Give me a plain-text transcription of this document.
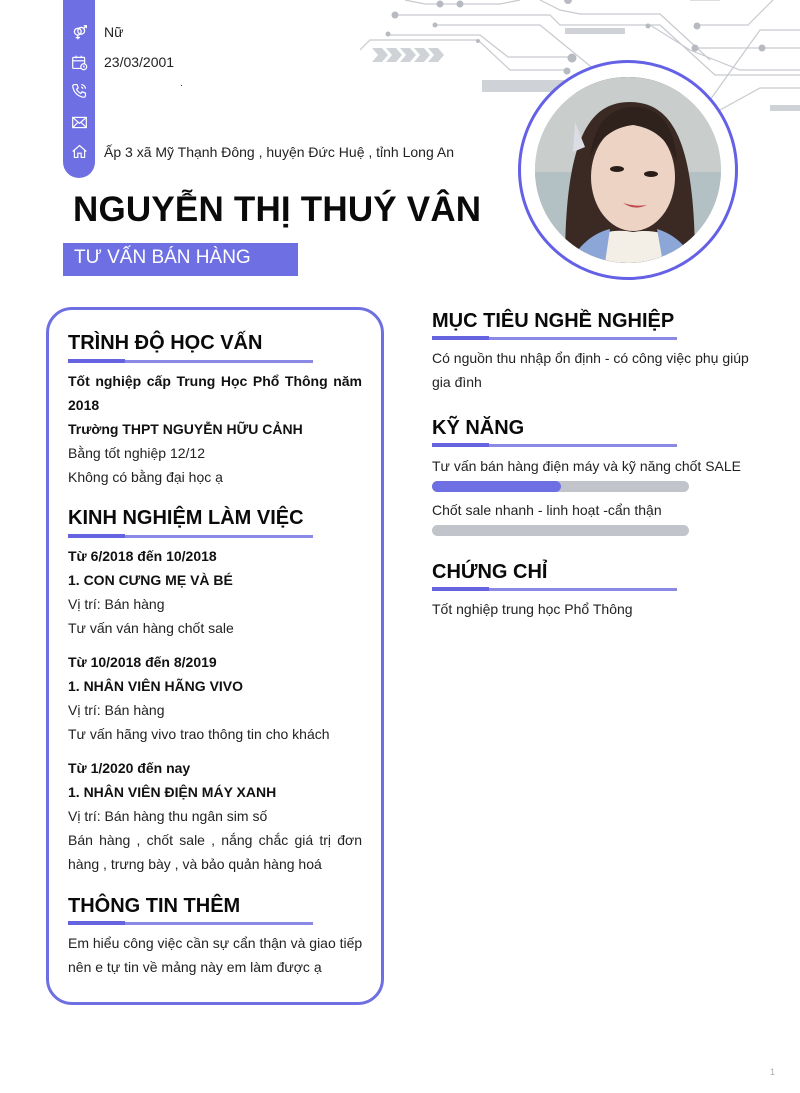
Nữ
23/03/2001
.
Ấp 3 xã Mỹ Thạnh Đông , huyện Đức Huệ , tỉnh Long An
NGUYỄN THỊ THUÝ VÂN
TƯ VẤN BÁN HÀNG
TRÌNH ĐỘ HỌC VẤN
Tốt nghiệp cấp Trung Học Phổ Thông năm 2018
Trường THPT NGUYỄN HỮU CẢNH
Bằng tốt nghiệp 12/12
Không có bằng đại học ạ
KINH NGHIỆM LÀM VIỆC
Từ 6/2018 đến 10/2018
1. CON CƯNG MẸ VÀ BÉ
Vị trí: Bán hàng
Tư vấn ván hàng chốt sale
Từ 10/2018 đến 8/2019
1. NHÂN VIÊN HÃNG VIVO
Vị trí: Bán hàng
Tư vấn hãng vivo trao thông tin cho khách
Từ 1/2020 đến nay
1. NHÂN VIÊN ĐIỆN MÁY XANH
Vị trí: Bán hàng thu ngân sim số
Bán hàng , chốt sale , nắng chắc giá trị đơn hàng , trưng bày , và bảo quản hàng hoá
THÔNG TIN THÊM
Em hiểu công việc cần sự cẩn thận và giao tiếp nên e tự tin về mảng này em làm được ạ
MỤC TIÊU NGHỀ NGHIỆP
Có nguồn thu nhập ổn định - có công việc phụ giúp gia đình
KỸ NĂNG
Tư vấn bán hàng điện máy và kỹ năng chốt SALE
Chốt sale nhanh - linh hoạt -cẩn thận
CHỨNG CHỈ
Tốt nghiệp trung học Phổ Thông
1
